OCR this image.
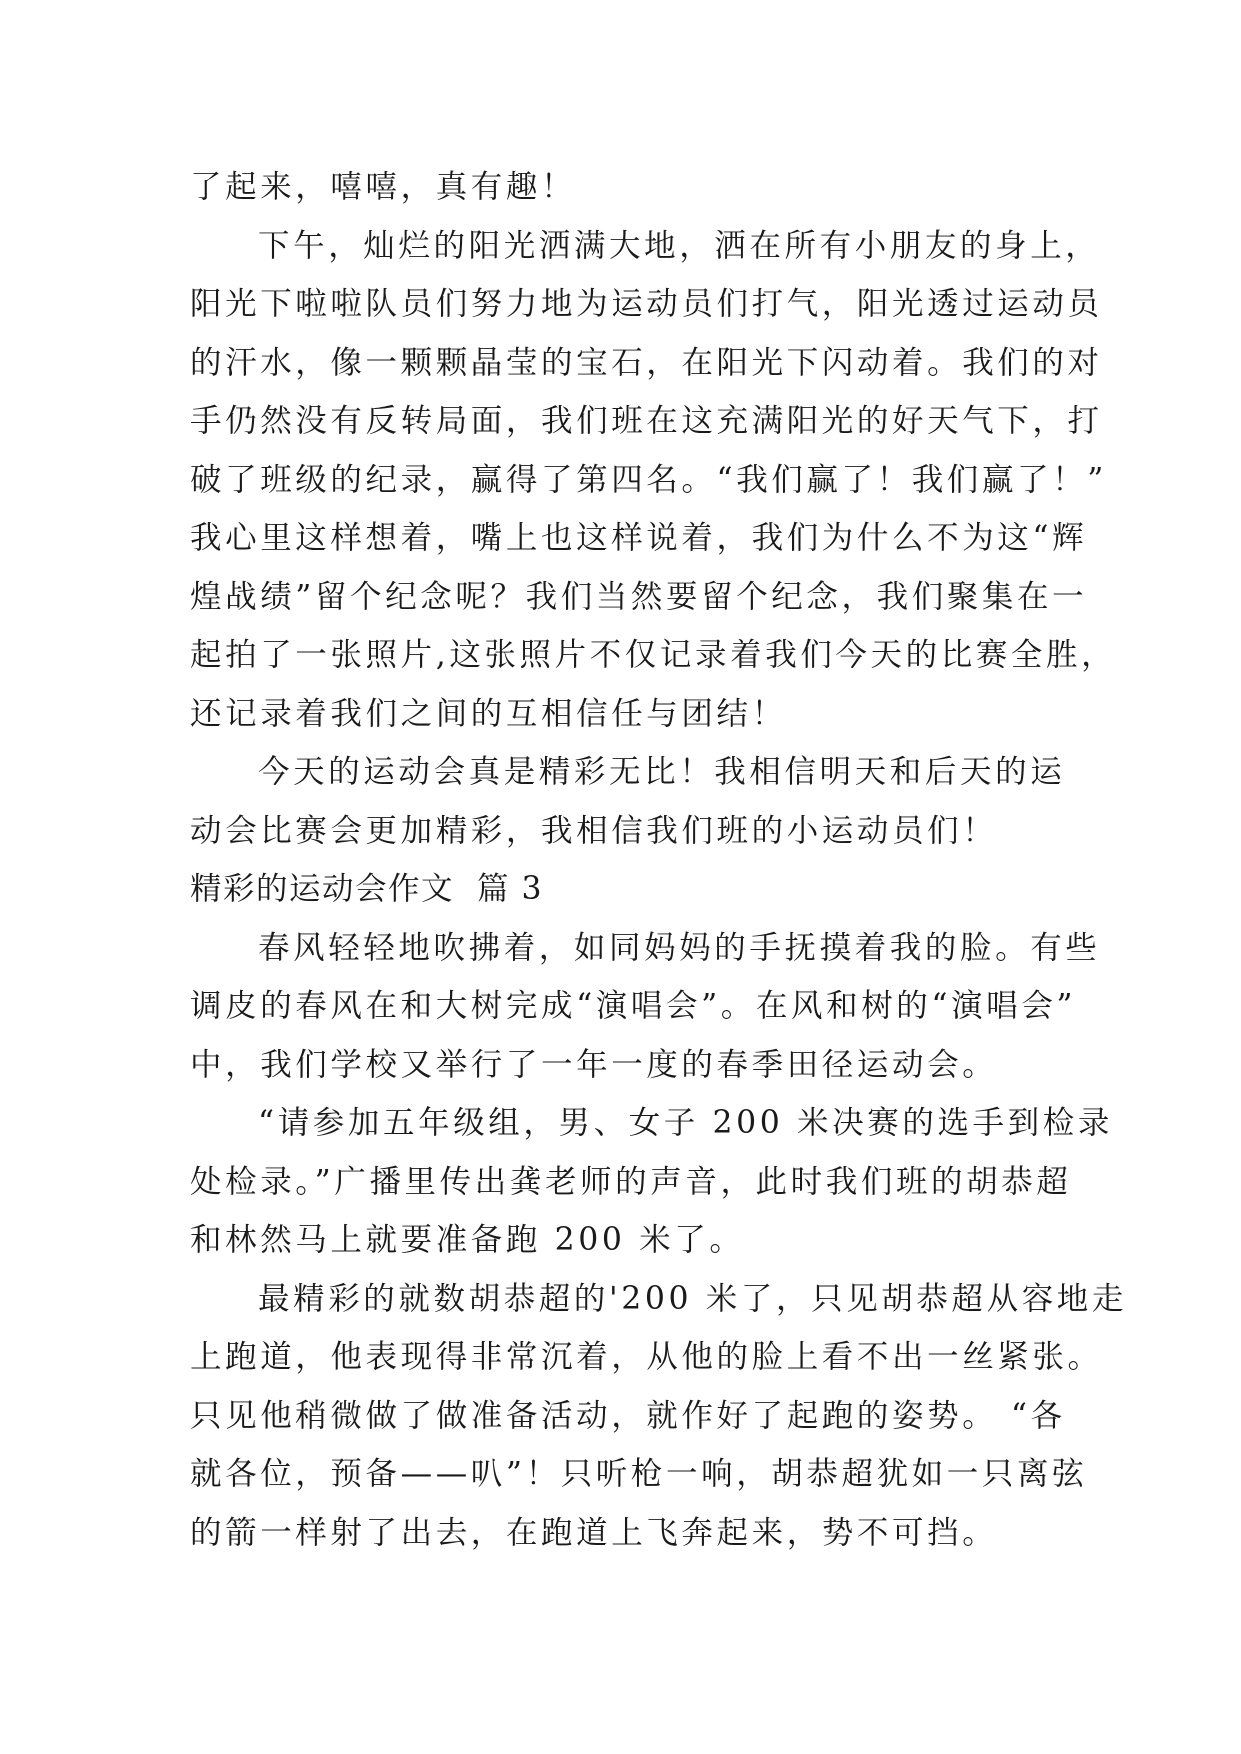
了起来，嘻嘻，真有趣！
下午，灿烂的阳光洒满大地，洒在所有小朋友的身上，
阳光下啦啦队员们努力地为运动员们打气，阳光透过运动员
的汗水，像一颗颗晶莹的宝石，在阳光下闪动着。我们的对
手仍然没有反转局面，我们班在这充满阳光的好天气下，打
破了班级的纪录，赢得了第四名。“我们赢了！我们赢了！”
我心里这样想着，嘴上也这样说着，我们为什么不为这“辉
煌战绩”留个纪念呢？我们当然要留个纪念，我们聚集在一
起拍了一张照片,这张照片不仅记录着我们今天的比赛全胜，
还记录着我们之间的互相信任与团结！
今天的运动会真是精彩无比！我相信明天和后天的运
动会比赛会更加精彩，我相信我们班的小运动员们！
精彩的运动会作文  篇 3
春风轻轻地吹拂着，如同妈妈的手抚摸着我的脸。有些
调皮的春风在和大树完成“演唱会”。在风和树的“演唱会”
中，我们学校又举行了一年一度的春季田径运动会。
“请参加五年级组，男、女子 200 米决赛的选手到检录
处检录。”广播里传出龚老师的声音，此时我们班的胡恭超
和林然马上就要准备跑 200 米了。
最精彩的就数胡恭超的'200 米了，只见胡恭超从容地走
上跑道，他表现得非常沉着，从他的脸上看不出一丝紧张。
只见他稍微做了做准备活动，就作好了起跑的姿势。 “各
就各位，预备——叭”！只听枪一响，胡恭超犹如一只离弦
的箭一样射了出去，在跑道上飞奔起来，势不可挡。
